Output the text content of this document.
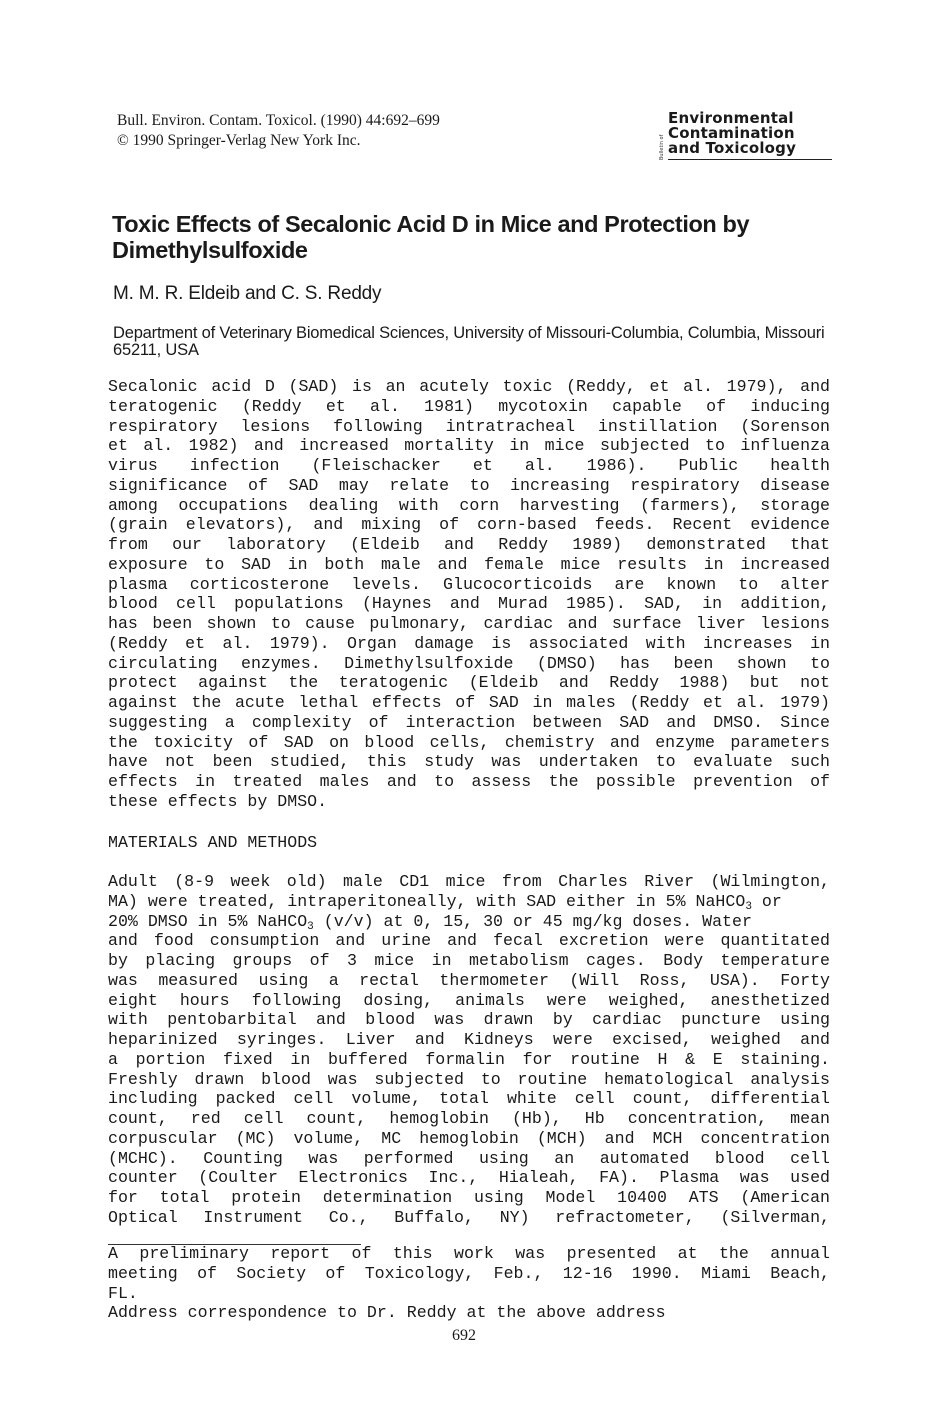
Bull. Environ. Contam. Toxicol. (1990) 44:692–699
© 1990 Springer-Verlag New York Inc.	Bulletin of
Environmental
Contamination
and Toxicology
Toxic Effects of Secalonic Acid D in Mice and Protection by Dimethylsulfoxide
M. M. R. Eldeib and C. S. Reddy
Department of Veterinary Biomedical Sciences, University of Missouri-Columbia, Columbia, Missouri 65211, USA
Secalonic acid D (SAD) is an acutely toxic (Reddy, et al. 1979), and
teratogenic (Reddy et al. 1981) mycotoxin capable of inducing
respiratory lesions following intratracheal instillation (Sorenson
et al. 1982) and increased mortality in mice subjected to influenza
virus infection (Fleischacker et al. 1986). Public health
significance of SAD may relate to increasing respiratory disease
among occupations dealing with corn harvesting (farmers), storage
(grain elevators), and mixing of corn-based feeds. Recent evidence
from our laboratory (Eldeib and Reddy 1989) demonstrated that
exposure to SAD in both male and female mice results in increased
plasma corticosterone levels. Glucocorticoids are known to alter
blood cell populations (Haynes and Murad 1985). SAD, in addition,
has been shown to cause pulmonary, cardiac and surface liver lesions
(Reddy et al. 1979). Organ damage is associated with increases in
circulating enzymes. Dimethylsulfoxide (DMSO) has been shown to
protect against the teratogenic (Eldeib and Reddy 1988) but not
against the acute lethal effects of SAD in males (Reddy et al. 1979)
suggesting a complexity of interaction between SAD and DMSO. Since
the toxicity of SAD on blood cells, chemistry and enzyme parameters
have not been studied, this study was undertaken to evaluate such
effects in treated males and to assess the possible prevention of
these effects by DMSO.
MATERIALS AND METHODS
Adult (8-9 week old) male CD1 mice from Charles River (Wilmington,
MA) were treated, intraperitoneally, with SAD either in 5% NaHCO$_3$ or
20% DMSO in 5% NaHCO$_3$ (v/v) at 0, 15, 30 or 45 mg/kg doses. Water
and food consumption and urine and fecal excretion were quantitated
by placing groups of 3 mice in metabolism cages. Body temperature
was measured using a rectal thermometer (Will Ross, USA). Forty
eight hours following dosing, animals were weighed, anesthetized
with pentobarbital and blood was drawn by cardiac puncture using
heparinized syringes. Liver and Kidneys were excised, weighed and
a portion fixed in buffered formalin for routine H & E staining.
Freshly drawn blood was subjected to routine hematological analysis
including packed cell volume, total white cell count, differential
count, red cell count, hemoglobin (Hb), Hb concentration, mean
corpuscular (MC) volume, MC hemoglobin (MCH) and MCH concentration
(MCHC). Counting was performed using an automated blood cell
counter (Coulter Electronics Inc., Hialeah, FA). Plasma was used
for total protein determination using Model 10400 ATS (American
Optical Instrument Co., Buffalo, NY) refractometer, (Silverman,
A preliminary report of this work was presented at the annual
meeting of Society of Toxicology, Feb., 12-16 1990. Miami Beach,
FL.
Address correspondence to Dr. Reddy at the above address
692
